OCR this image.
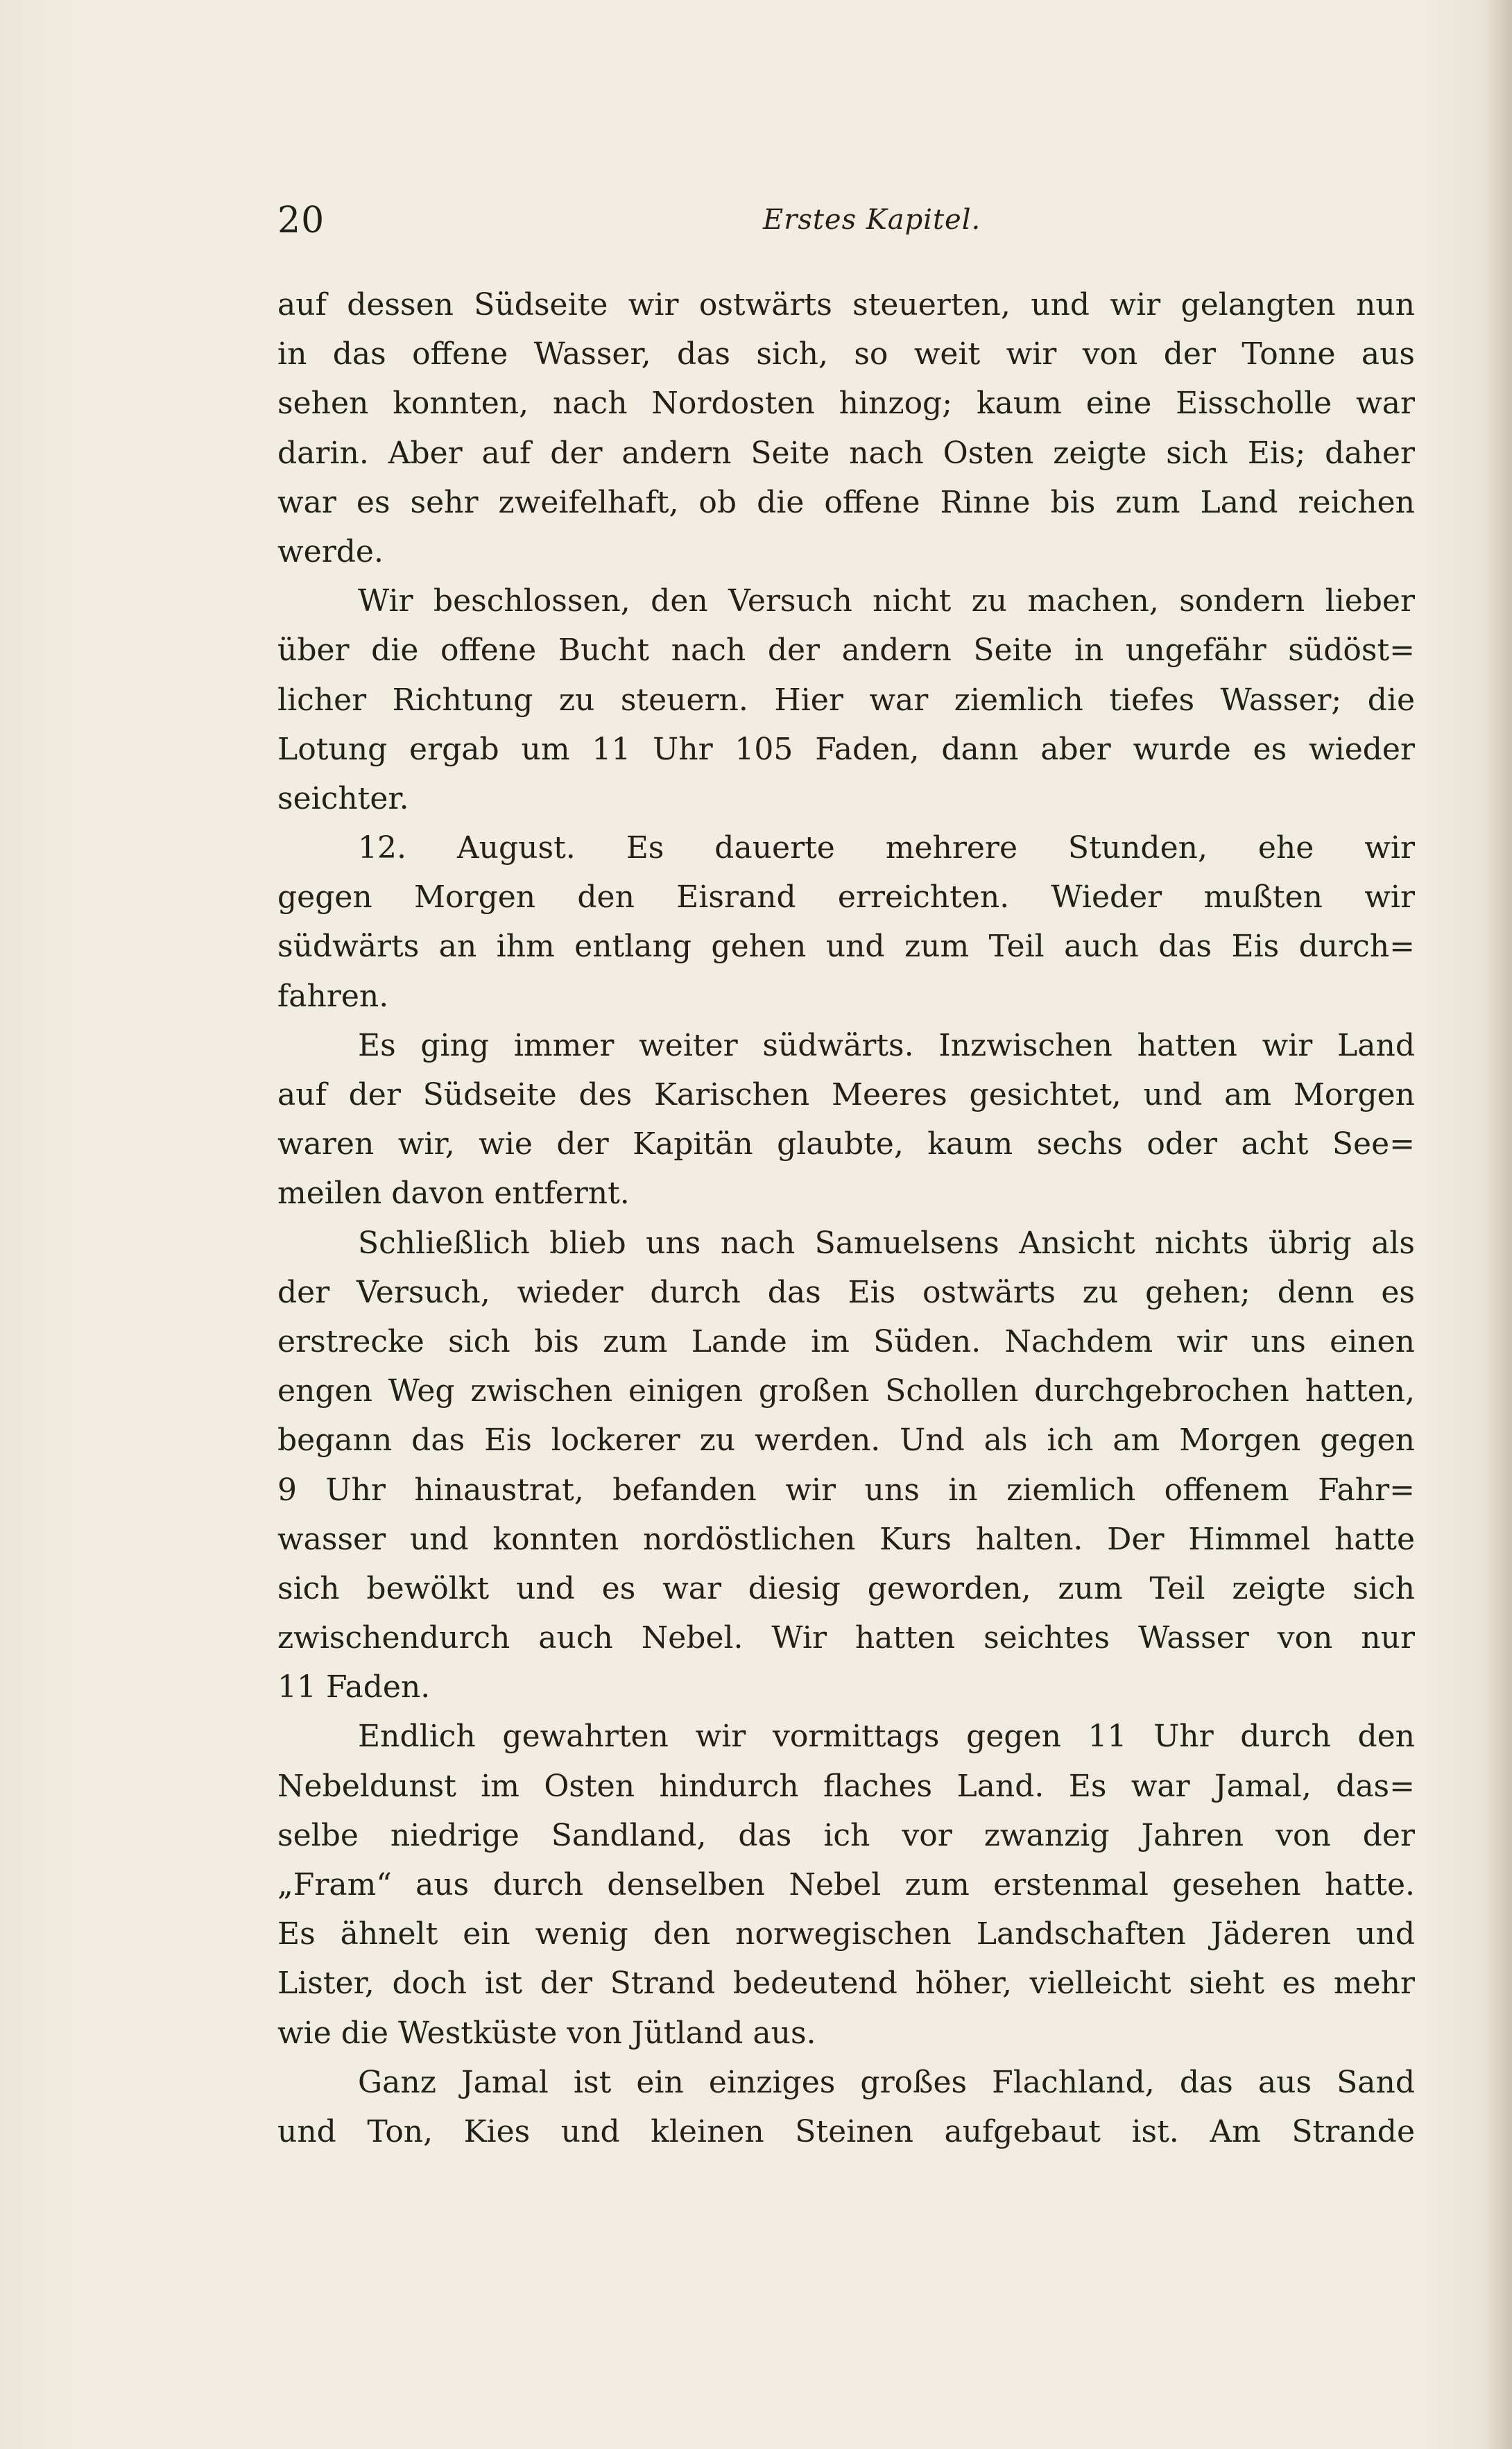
20	Erstes Kapitel.
auf dessen Südseite wir ostwärts steuerten, und wir gelangten nun
in das offene Wasser, das sich, so weit wir von der Tonne aus
sehen konnten, nach Nordosten hinzog; kaum eine Eisscholle war
darin. Aber auf der andern Seite nach Osten zeigte sich Eis; daher
war es sehr zweifelhaft, ob die offene Rinne bis zum Land reichen
werde.
Wir beschlossen, den Versuch nicht zu machen, sondern lieber
über die offene Bucht nach der andern Seite in ungefähr südöst=
licher Richtung zu steuern. Hier war ziemlich tiefes Wasser; die
Lotung ergab um 11 Uhr 105 Faden, dann aber wurde es wieder
seichter.
12. August. Es dauerte mehrere Stunden, ehe wir
gegen Morgen den Eisrand erreichten. Wieder mußten wir
südwärts an ihm entlang gehen und zum Teil auch das Eis durch=
fahren.
Es ging immer weiter südwärts. Inzwischen hatten wir Land
auf der Südseite des Karischen Meeres gesichtet, und am Morgen
waren wir, wie der Kapitän glaubte, kaum sechs oder acht See=
meilen davon entfernt.
Schließlich blieb uns nach Samuelsens Ansicht nichts übrig als
der Versuch, wieder durch das Eis ostwärts zu gehen; denn es
erstrecke sich bis zum Lande im Süden. Nachdem wir uns einen
engen Weg zwischen einigen großen Schollen durchgebrochen hatten,
begann das Eis lockerer zu werden. Und als ich am Morgen gegen
9 Uhr hinaustrat, befanden wir uns in ziemlich offenem Fahr=
wasser und konnten nordöstlichen Kurs halten. Der Himmel hatte
sich bewölkt und es war diesig geworden, zum Teil zeigte sich
zwischendurch auch Nebel. Wir hatten seichtes Wasser von nur
11 Faden.
Endlich gewahrten wir vormittags gegen 11 Uhr durch den
Nebeldunst im Osten hindurch flaches Land. Es war Jamal, das=
selbe niedrige Sandland, das ich vor zwanzig Jahren von der
„Fram“ aus durch denselben Nebel zum erstenmal gesehen hatte.
Es ähnelt ein wenig den norwegischen Landschaften Jäderen und
Lister, doch ist der Strand bedeutend höher, vielleicht sieht es mehr
wie die Westküste von Jütland aus.
Ganz Jamal ist ein einziges großes Flachland, das aus Sand
und Ton, Kies und kleinen Steinen aufgebaut ist. Am Strande
